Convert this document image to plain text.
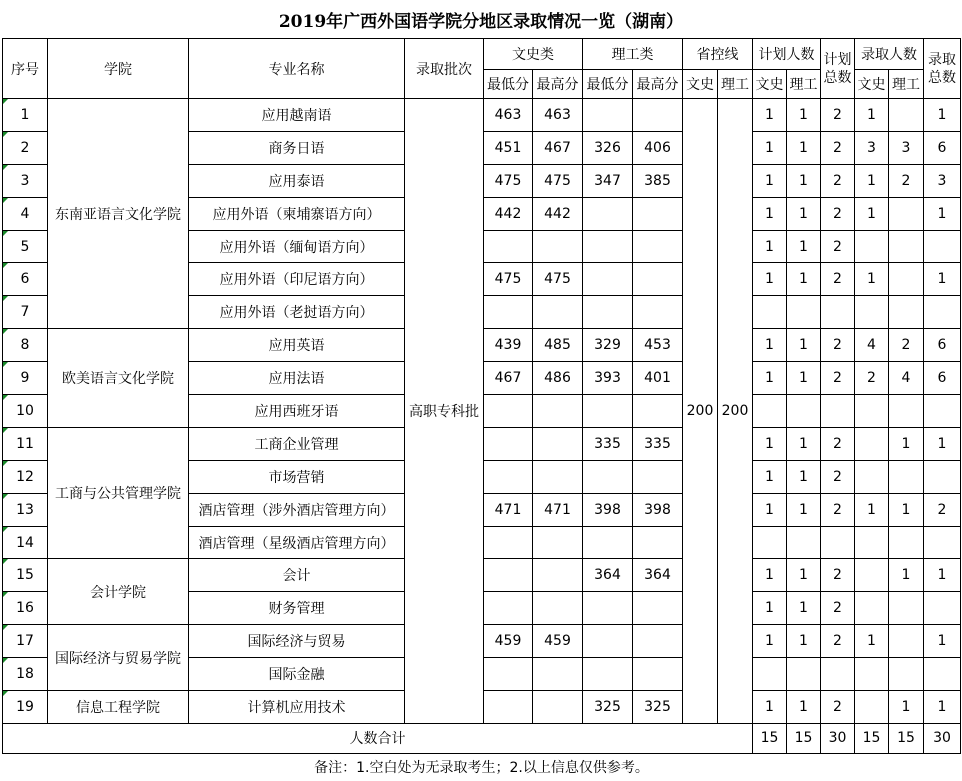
2019年广西外国语学院分地区录取情况一览（湖南）
序号	学院	专业名称	录取批次	文史类		理工类		省控线		计划人数		计划总数	录取人数		录取总数
				最低分	最高分	最低分	最高分	文史	理工	文史	理工		文史	理工	
1	东南亚语言文化学院	应用越南语	高职专科批	463	463			200	200	1	1	2	1		1
2		商务日语		451	467	326	406			1	1	2	3	3	6
3		应用泰语		475	475	347	385			1	1	2	1	2	3
4		应用外语（柬埔寨语方向）		442	442					1	1	2	1		1
5		应用外语（缅甸语方向）								1	1	2			
6		应用外语（印尼语方向）		475	475					1	1	2	1		1
7		应用外语（老挝语方向）													
8	欧美语言文化学院	应用英语		439	485	329	453			1	1	2	4	2	6
9		应用法语		467	486	393	401			1	1	2	2	4	6
10		应用西班牙语													
11	工商与公共管理学院	工商企业管理				335	335			1	1	2		1	1
12		市场营销								1	1	2			
13		酒店管理（涉外酒店管理方向）		471	471	398	398			1	1	2	1	1	2
14		酒店管理（星级酒店管理方向）													
15	会计学院	会计				364	364			1	1	2		1	1
16		财务管理								1	1	2			
17	国际经济与贸易学院	国际经济与贸易		459	459					1	1	2	1		1
18		国际金融													
19	信息工程学院	计算机应用技术				325	325			1	1	2		1	1
人数合计										15	15	30	15	15	30
备注：1.空白处为无录取考生；2.以上信息仅供参考。															
